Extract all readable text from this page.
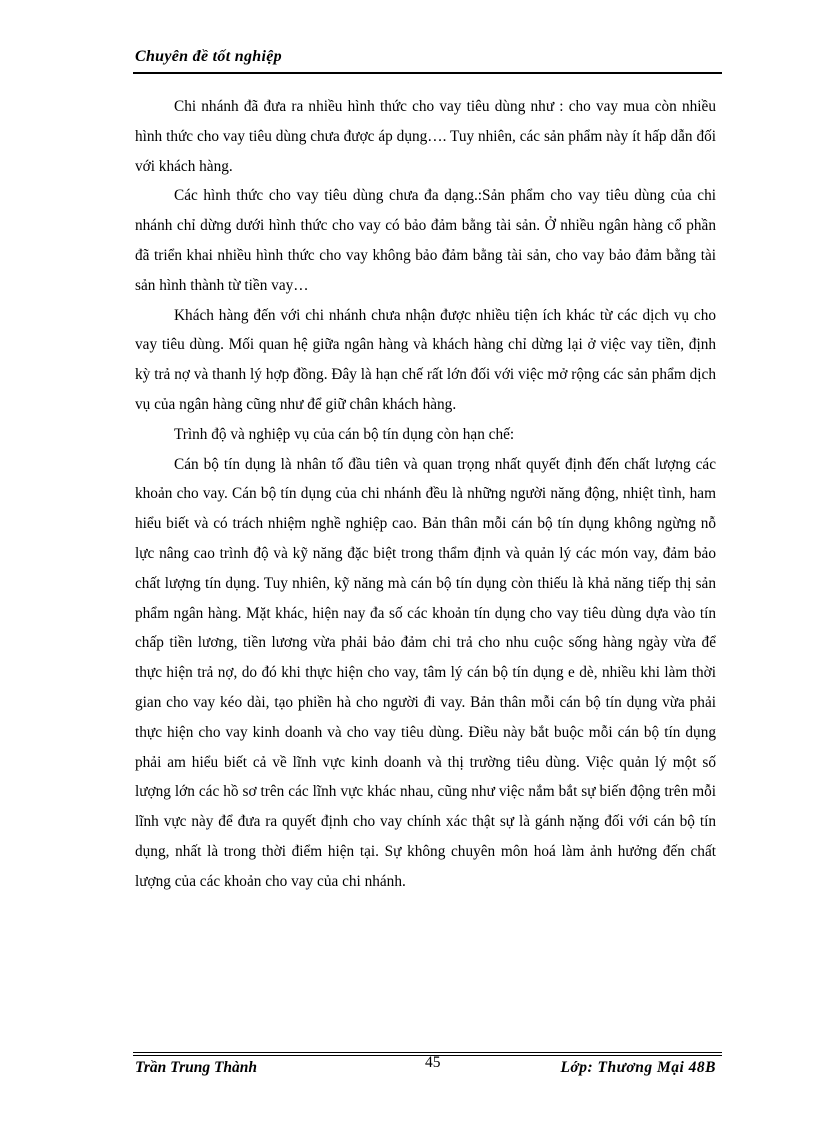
Chuyên đề tốt nghiệp

Chi nhánh đã đưa ra nhiều hình thức cho vay tiêu dùng như : cho vay mua còn nhiều hình thức cho vay tiêu dùng chưa được áp dụng…. Tuy nhiên, các sản phẩm này ít hấp dẫn đối với khách hàng.

Các hình thức cho vay tiêu dùng chưa đa dạng.:Sản phẩm cho vay tiêu dùng của chi nhánh chỉ dừng dưới hình thức cho vay có bảo đảm bằng tài sản. Ở nhiều ngân hàng cổ phần đã triển khai nhiều hình thức cho vay không bảo đảm bằng tài sản, cho vay bảo đảm bằng tài sản hình thành từ tiền vay…

Khách hàng đến với chi nhánh chưa nhận được nhiều tiện ích khác từ các dịch vụ cho vay tiêu dùng. Mối quan hệ giữa ngân hàng và khách hàng chỉ dừng lại ở việc vay tiền, định kỳ trả nợ và thanh lý hợp đồng. Đây là hạn chế rất lớn đối với việc mở rộng các sản phẩm dịch vụ của ngân hàng cũng như để giữ chân khách hàng.

Trình độ và nghiệp vụ của cán bộ tín dụng còn hạn chế:

Cán bộ tín dụng là nhân tố đầu tiên và quan trọng nhất quyết định đến chất lượng các khoản cho vay. Cán bộ tín dụng của chi nhánh đều là những người năng động, nhiệt tình, ham hiểu biết và có trách nhiệm nghề nghiệp cao. Bản thân mỗi cán bộ tín dụng không ngừng nỗ lực nâng cao trình độ và kỹ năng đặc biệt trong thẩm định và quản lý các món vay, đảm bảo chất lượng tín dụng. Tuy nhiên, kỹ năng mà cán bộ tín dụng còn thiếu là khả năng tiếp thị sản phẩm ngân hàng. Mặt khác, hiện nay đa số các khoản tín dụng cho vay tiêu dùng dựa vào tín chấp tiền lương, tiền lương vừa phải bảo đảm chi trả cho nhu cuộc sống hàng ngày vừa để thực hiện trả nợ, do đó khi thực hiện cho vay, tâm lý cán bộ tín dụng e dè, nhiều khi làm thời gian cho vay kéo dài, tạo phiền hà cho người đi vay. Bản thân mỗi cán bộ tín dụng vừa phải thực hiện cho vay kinh doanh và cho vay tiêu dùng. Điều này bắt buộc mỗi cán bộ tín dụng phải am hiểu biết cả về lĩnh vực kinh doanh và thị trường tiêu dùng. Việc quản lý một số lượng lớn các hồ sơ trên các lĩnh vực khác nhau, cũng như việc nắm bắt sự biến động trên mỗi lĩnh vực này để đưa ra quyết định cho vay chính xác thật sự là gánh nặng đối với cán bộ tín dụng, nhất là trong thời điểm hiện tại. Sự không chuyên môn hoá làm ảnh hưởng đến chất lượng của các khoản cho vay của chi nhánh.

Trần Trung Thành	45	Lớp: Thương Mại 48B
